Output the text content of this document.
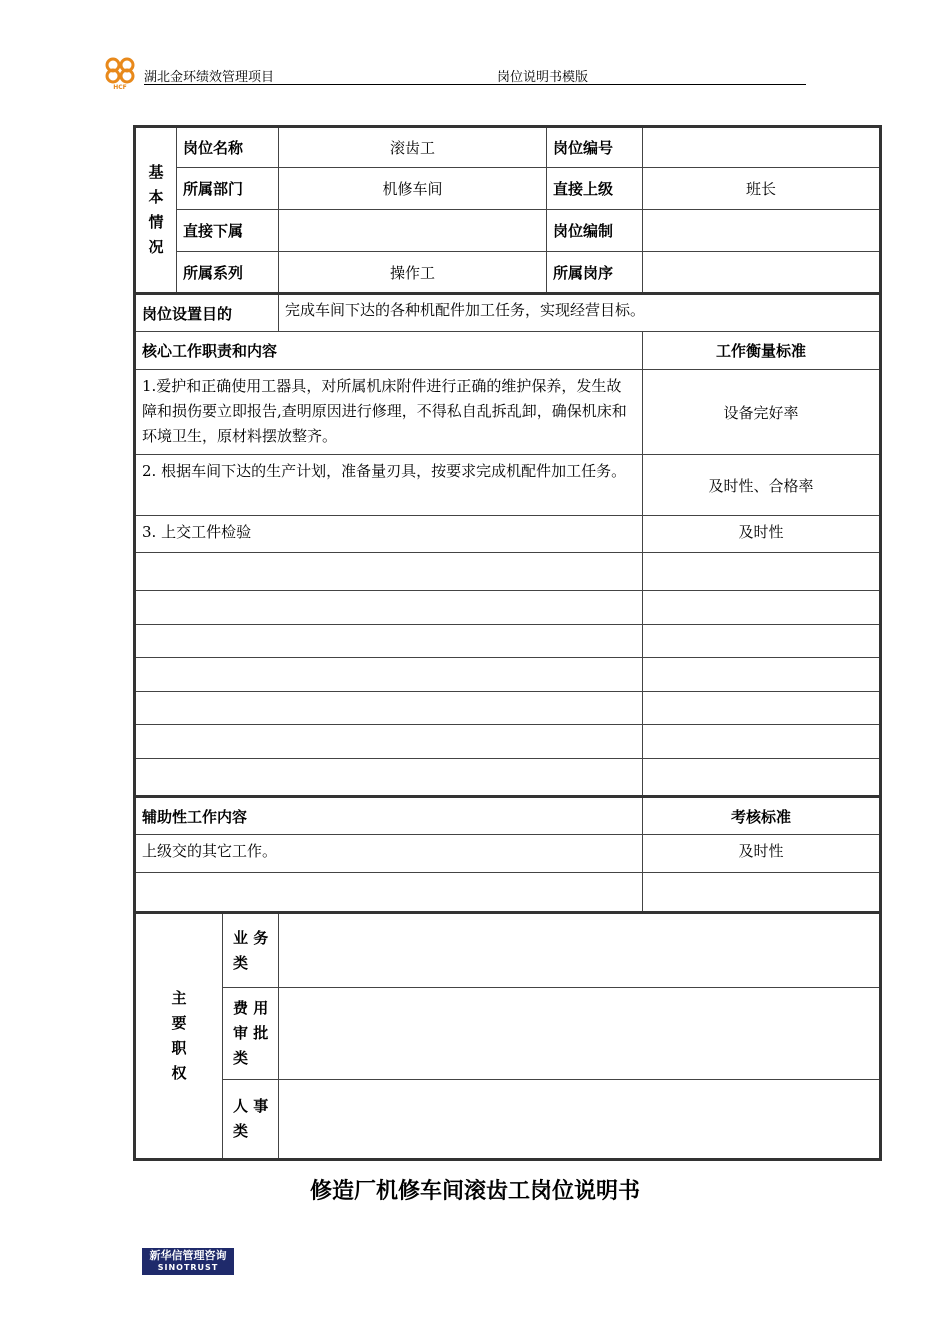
HCF
湖北金环绩效管理项目	岗位说明书模版
基
本
情
况	岗位名称		滚齿工	岗位编号	
	所属部门		机修车间	直接上级	班长
	直接下属			岗位编制	
	所属系列		操作工	所属岗序	
岗位设置目的			完成车间下达的各种机配件加工任务，实现经营目标。		
核心工作职责和内容					工作衡量标准
1.爱护和正确使用工器具，对所属机床附件进行正确的维护保养，发生故障和损伤要立即报告,查明原因进行修理，不得私自乱拆乱卸，确保机床和环境卫生，原材料摆放整齐。					设备完好率
2. 根据车间下达的生产计划，准备量刃具，按要求完成机配件加工任务。					及时性、合格率
3. 上交工件检验					及时性

辅助性工作内容					考核标准
上级交的其它工作。					及时性

主
要
职
权		业 务
类			
		费 用
审 批
类			
		人 事
类			
修造厂机修车间滚齿工岗位说明书
新华信管理咨询
SINOTRUST
